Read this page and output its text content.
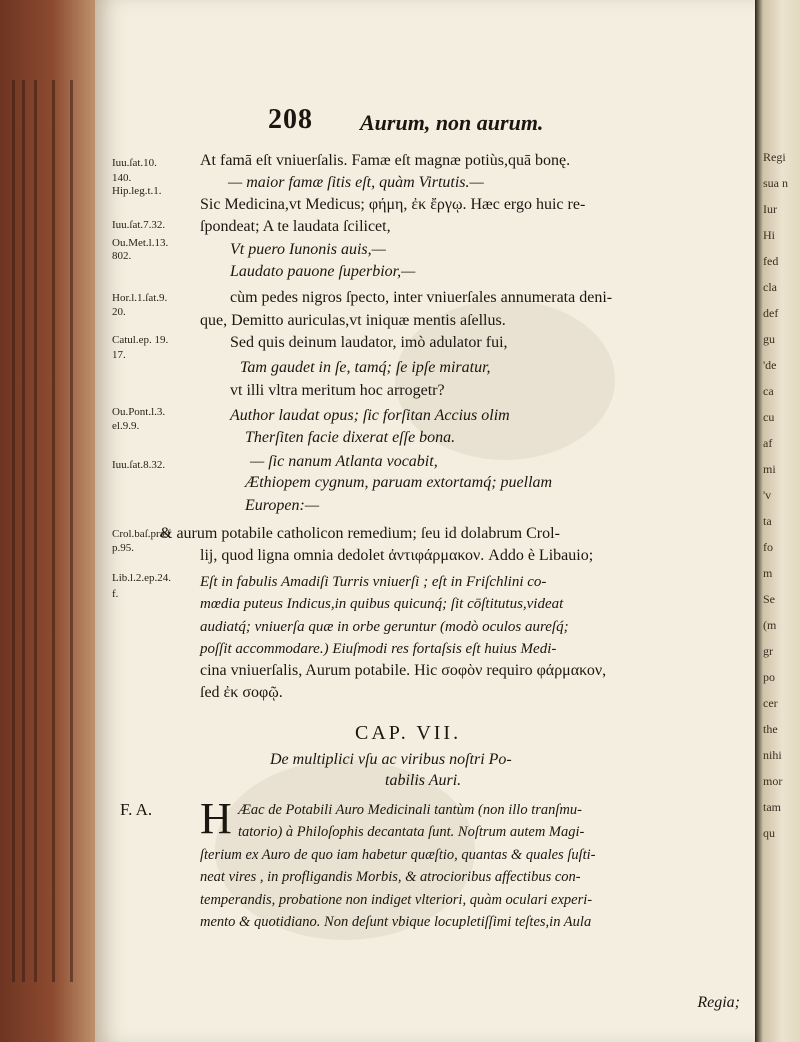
Regi
sua n
Iur
Hi
fed
cla
def
gu
'de
ca
cu
af
mi
'v
ta
fo
m
Se
(m
gr
po
cer
the
nihi
mor
tam
qu
208 Aurum, non aurum.
At famā eſt vniuerſalis. Famæ eſt magnæ potiùs,quā bonę.
— maior famæ ſitis eſt, quàm Virtutis.—
Sic Medicina,vt Medicus; φήμη, ἐκ ἔργῳ. Hæc ergo huic re-
ſpondeat; A te laudata ſcilicet,
Vt puero Iunonis auis,—
Laudato pauone ſuperbior,—
cùm pedes nigros ſpecto, inter vniuerſales annumerata deni-
que, Demitto auriculas,vt iniquæ mentis aſellus.
Sed quis deinum laudator, imò adulator fui,
Tam gaudet in ſe, tamq́; ſe ipſe miratur,
vt illi vltra meritum hoc arrogetr?
Author laudat opus; ſic forſitan Accius olim
Therſiten facie dixerat eſſe bona.
— ſic nanum Atlanta vocabit,
Æthiopem cygnum, paruam extortamq́; puellam
Europen:—
Iuu.ſat.10.
140.
Hip.leg.t.1.
Iuu.ſat.7.32.
Ou.Met.l.13.
802.
Hor.l.1.ſat.9.
20.
Catul.ep. 19.
17.
Ou.Pont.l.3.
el.9.9.
Iuu.ſat.8.32.
Crol.baſ.præf
p.95.
Lib.l.2.ep.24.
f.
& aurum potabile catholicon remedium; ſeu id dolabrum Crol-
lij, quod ligna omnia dedolet ἀντιφάρμακον. Addo è Libauio;
Eſt in fabulis Amadiſi Turris vniuerſi ; eſt in Friſchlini co-
mœdia puteus Indicus,in quibus quicunq́; ſit cōſtitutus,videat
audiatq́; vniuerſa quæ in orbe geruntur (modò oculos aureſq́;
poſſit accommodare.) Eiuſmodi res fortaſsis eſt huius Medi-
cina vniuerſalis, Aurum potabile. Hic σοφὸν requiro φάρμακον,
ſed ἐκ σοφῷ.
CAP. VII.
De multiplici vſu ac viribus noſtri Po-
tabilis Auri.
F. A. H Æac de Potabili Auro Medicinali tantùm (non illo tranſmu-
tatorio) à Philoſophis decantata ſunt. Noſtrum autem Magi-
ſterium ex Auro de quo iam habetur quæſtio, quantas & quales ſuſti-
neat vires , in profligandis Morbis, & atrocioribus affectibus con-
temperandis, probatione non indiget vlteriori, quàm oculari experi-
mento & quotidiano. Non deſunt vbique locupletiſſimi teſtes,in Aula
Regia;
